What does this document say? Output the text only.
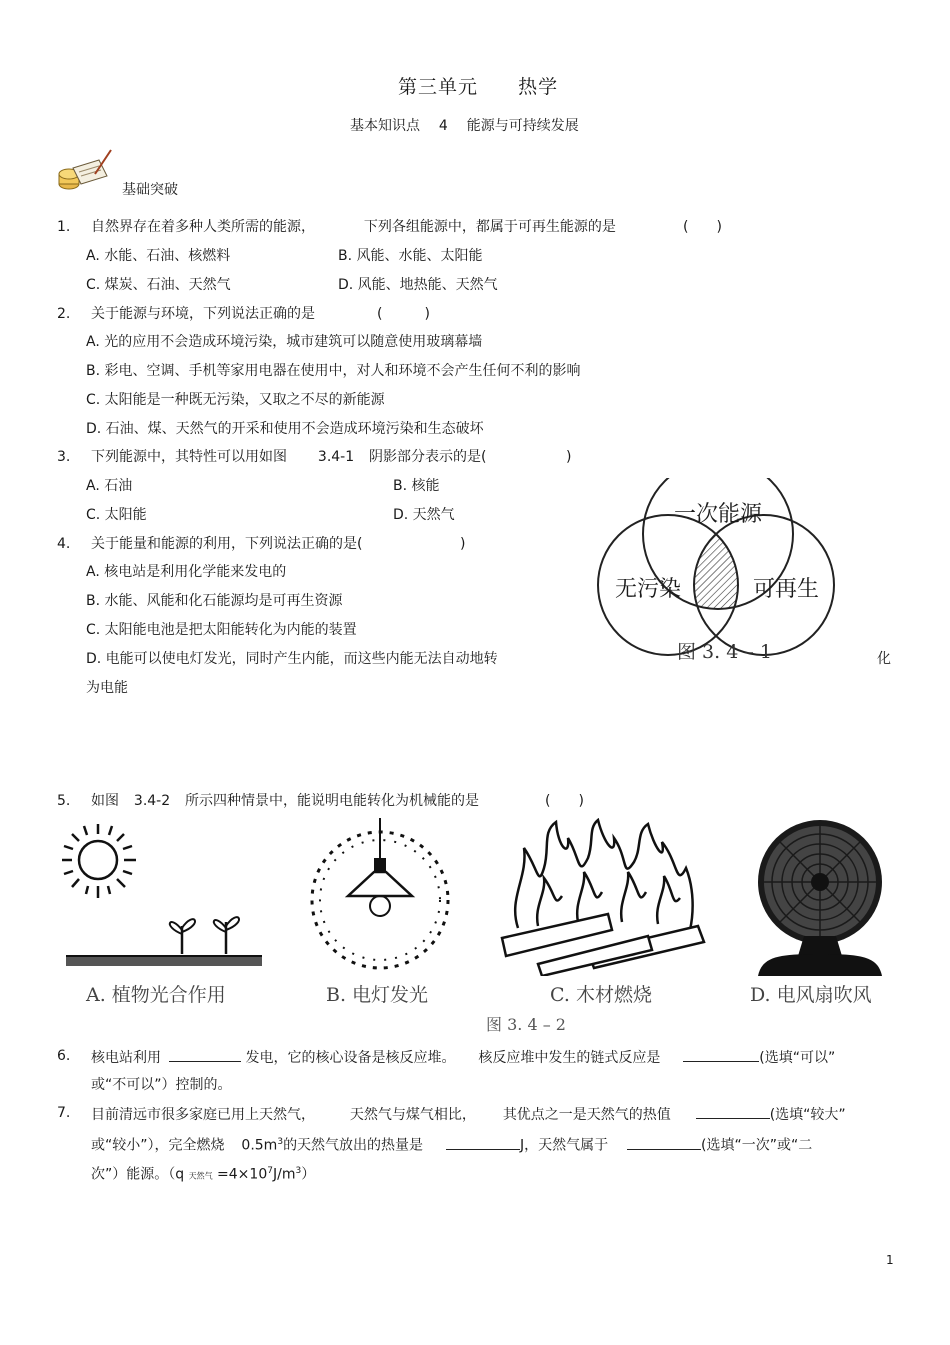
第三单元 热学
基本知识点 4 能源与可持续发展
基础突破
1. 自然界存在着多种人类所需的能源，	下列各组能源中，都属于可再生能源的是	(　　)
A. 水能、石油、核燃料	B. 风能、水能、太阳能
C. 煤炭、石油、天然气	D. 风能、地热能、天然气
2. 关于能源与环境，下列说法正确的是	(　　　)
A. 光的应用不会造成环境污染，城市建筑可以随意使用玻璃幕墙
B. 彩电、空调、手机等家用电器在使用中，对人和环境不会产生任何不利的影响
C. 太阳能是一种既无污染，又取之不尽的新能源
D. 石油、煤、天然气的开采和使用不会造成环境污染和生态破坏
3. 下列能源中，其特性可以用如图 3.4-1 阴影部分表示的是(	)
A. 石油	B. 核能
C. 太阳能	D. 天然气	一次能源
无污染	可再生
图 3. 4 – 1
4. 关于能量和能源的利用，下列说法正确的是(	)
A. 核电站是利用化学能来发电的
B. 水能、风能和化石能源均是可再生资源
C. 太阳能电池是把太阳能转化为内能的装置
D. 电能可以使电灯发光，同时产生内能，而这些内能无法自动地转	化
为电能
5. 如图 3.4-2 所示四种情景中，能说明电能转化为机械能的是	(　　)
A. 植物光合作用	B. 电灯发光	C. 木材燃烧	D. 电风扇吹风
图 3. 4 – 2
6. 核电站利用	发电，它的核心设备是核反应堆。 核反应堆中发生的链式反应是	(选填“可以”
或“不可以”）控制的。
7. 目前清远市很多家庭已用上天然气， 天然气与煤气相比， 其优点之一是天然气的热值	(选填“较大”
或“较小”），完全燃烧 $0.5m^3$的天然气放出的热量是	J，天然气属于	(选填“一次”或“二
次”）能源。（q 天然气 $=4\times 10^7J/m^3$）
1
